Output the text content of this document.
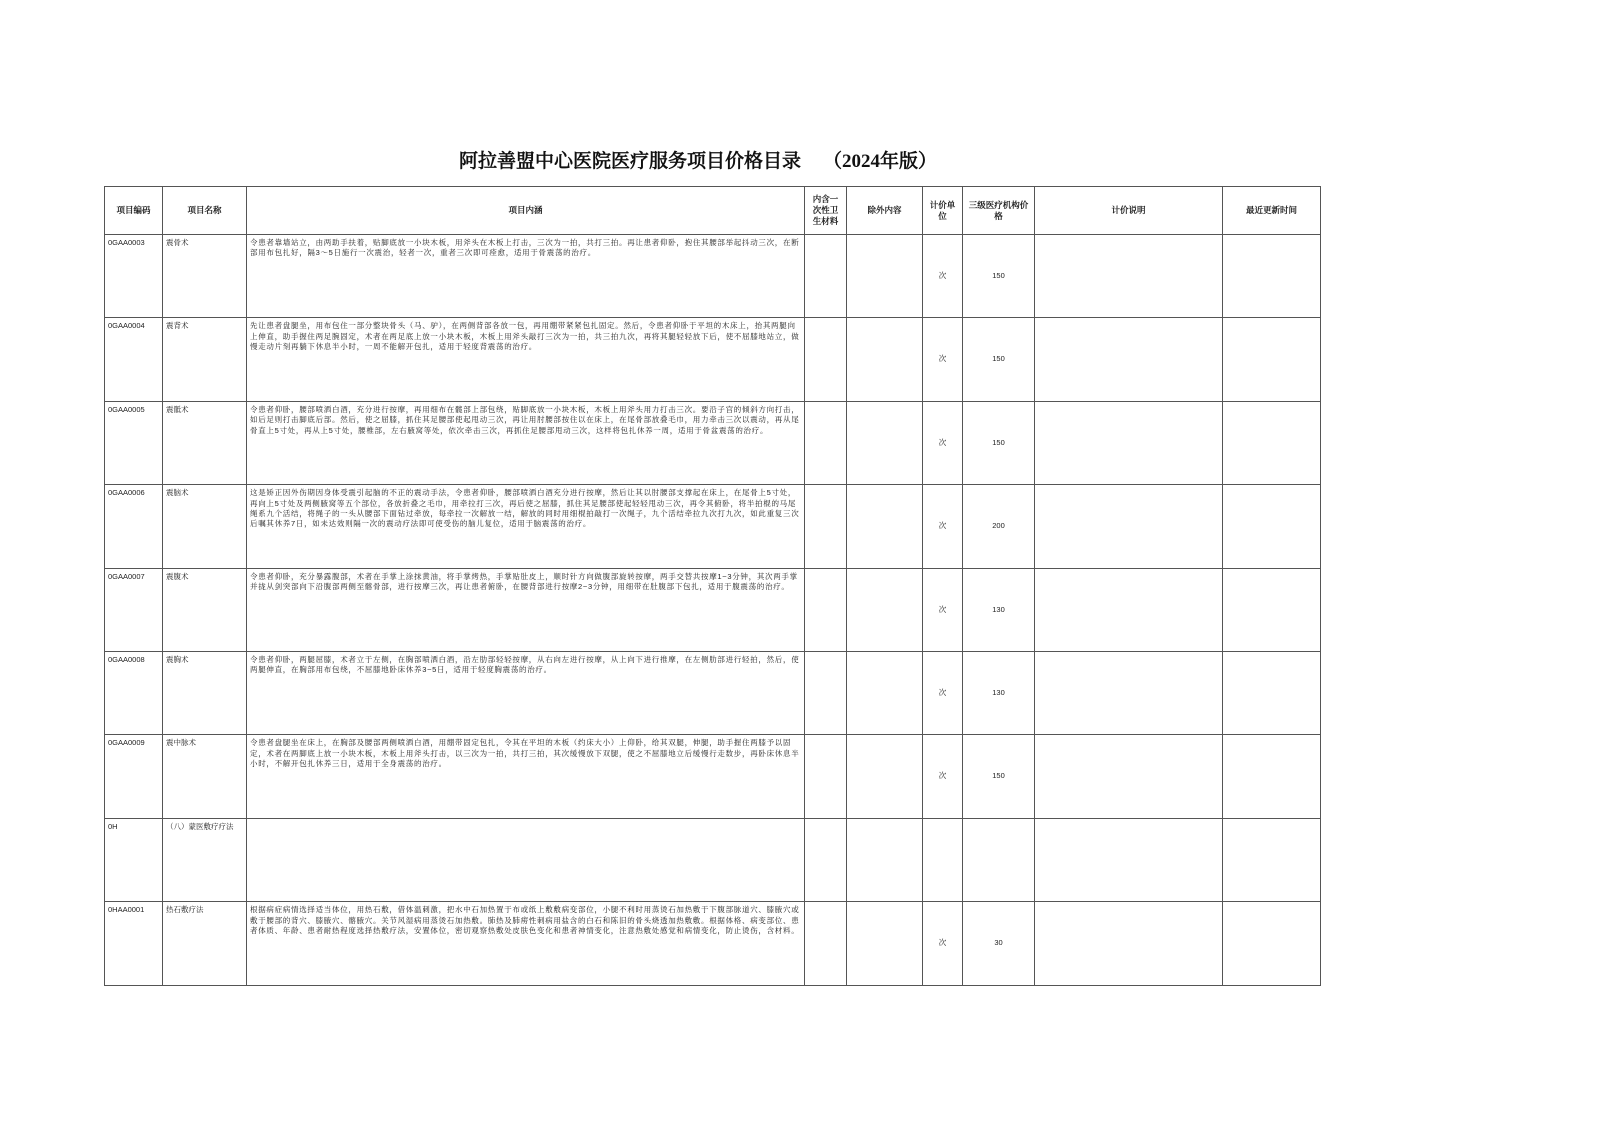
阿拉善盟中心医院医疗服务项目价格目录 （2024年版）
项目编码	项目名称	项目内涵	内含一次性卫生材料	除外内容	计价单位	三级医疗机构价格	计价说明	最近更新时间
0GAA0003	震骨术	令患者靠墙站立，由两助手扶着，贴脚底放一小块木板，用斧头在木板上打击，三次为一拍，共打三拍。再让患者仰卧，抱住其腰部举起抖动三次，在断部用布包扎好，隔3～5日施行一次震治，轻者一次，重者三次即可痊愈，适用于骨震荡的治疗。			次	150		
0GAA0004	震背术	先让患者盘腿坐，用布包住一部分整块骨头（马、驴），在两侧背部各放一包，再用绷带紧紧包扎固定。然后，令患者仰卧于平坦的木床上，抬其两腿向上伸直，助手握住两足腕固定，术者在两足底上放一小块木板，木板上用斧头敲打三次为一拍，共三拍九次，再将其腿轻轻放下后，使不屈膝地站立，做慢走动片刻再躺下休息半小时，一周不能解开包扎，适用于轻度背震荡的治疗。			次	150		
0GAA0005	震骶术	令患者仰卧，腰部喷洒白酒，充分进行按摩，再用细布在髋部上部包绕，贴脚底放一小块木板，木板上用斧头用力打击三次。要沿子宫的倾斜方向打击，如后足则打击脚底后部。然后，使之屈膝，抓住其足腰部使起甩动三次，再让用肘腰部按住以在床上，在尾骨部放叠毛巾，用力牵击三次以震动，再从尾骨直上5寸处，再从上5寸处，腰椎部，左右腋窝等处，依次牵击三次，再抓住足腰部甩动三次，这样将包扎休养一周，适用于骨盆震荡的治疗。			次	150		
0GAA0006	震脑术	这是矫正因外伤期因身体受震引起脑的不正的震动手法，令患者仰卧，腰部喷洒白酒充分进行按摩，然后让其以肘腰部支撑起在床上，在尾骨上5寸处，再向上5寸处及两侧腋窝等五个部位，各放折叠之毛巾，用牵拉打三次，再后使之屈膝，抓住其足腰部使起轻轻甩动三次，再令其俯卧，将半拍棍的马尾绳系九个活结，将绳子的一头从腰部下面钻过牵放，每牵拉一次解放一结，解放的同时用细棍拍敲打一次绳子，九个活结牵拉九次打九次，如此重复三次后嘱其休养7日，如未达效则隔一次的震动疗法即可使受伤的脑儿复位，适用于脑震荡的治疗。			次	200		
0GAA0007	震腹术	令患者仰卧，充分暴露腹部，术者在手掌上涂抹黄油，将手掌烤热，手掌贴肚皮上，顺时针方向做腹部旋转按摩，两手交替共按摩1~3分钟，其次两手掌并拢从剑突部向下沿腹部两侧至髂骨部，进行按摩三次，再让患者俯卧，在腰背部进行按摩2~3分钟，用细带在肚腹部下包扎，适用于腹震荡的治疗。			次	130		
0GAA0008	震胸术	令患者仰卧，两腿屈膝，术者立于左侧，在胸部喷洒白酒，沿左肋部轻轻按摩，从右向左进行按摩，从上向下进行推摩，在左侧肋部进行轻拍，然后，使两腿伸直，在胸部用布包绕，不屈膝地卧床休养3~5日，适用于轻度胸震荡的治疗。			次	130		
0GAA0009	震中脉术	令患者盘腿坐在床上，在胸部及腰部两侧喷洒白酒，用绷带固定包扎，令其在平坦的木板（约床大小）上仰卧，给其双腿，伸腿，助手握住两膝予以固定，术者在两脚底上放一小块木板，木板上用斧头打击，以三次为一拍，共打三拍，其次缓慢放下双腿，使之不屈膝地立后缓慢行走数步，再卧床休息半小时，不解开包扎休养三日，适用于全身震荡的治疗。			次	150		
0H	（八）蒙医敷疗疗法							
0HAA0001	热石敷疗法	根据病症病情选择适当体位，用热石敷，借体温刺激，把水中石加热置于布或纸上敷敷病变部位，小腿不利时用蒸烫石加热敷于下腹部脉道穴、膝腋穴或敷于腰部的背穴、膝腋穴、髂腋穴。关节风湿病用蒸烫石加热敷。肺热及肺痨性刺病用盐含的白石和陈旧的骨头烧透加热敷敷。根据体格、病变部位、患者体质、年龄、患者耐热程度选择热敷疗法，安置体位，密切观察热敷处皮肤色变化和患者神情变化，注意热敷处感觉和病情变化，防止烫伤，含材料。			次	30		
